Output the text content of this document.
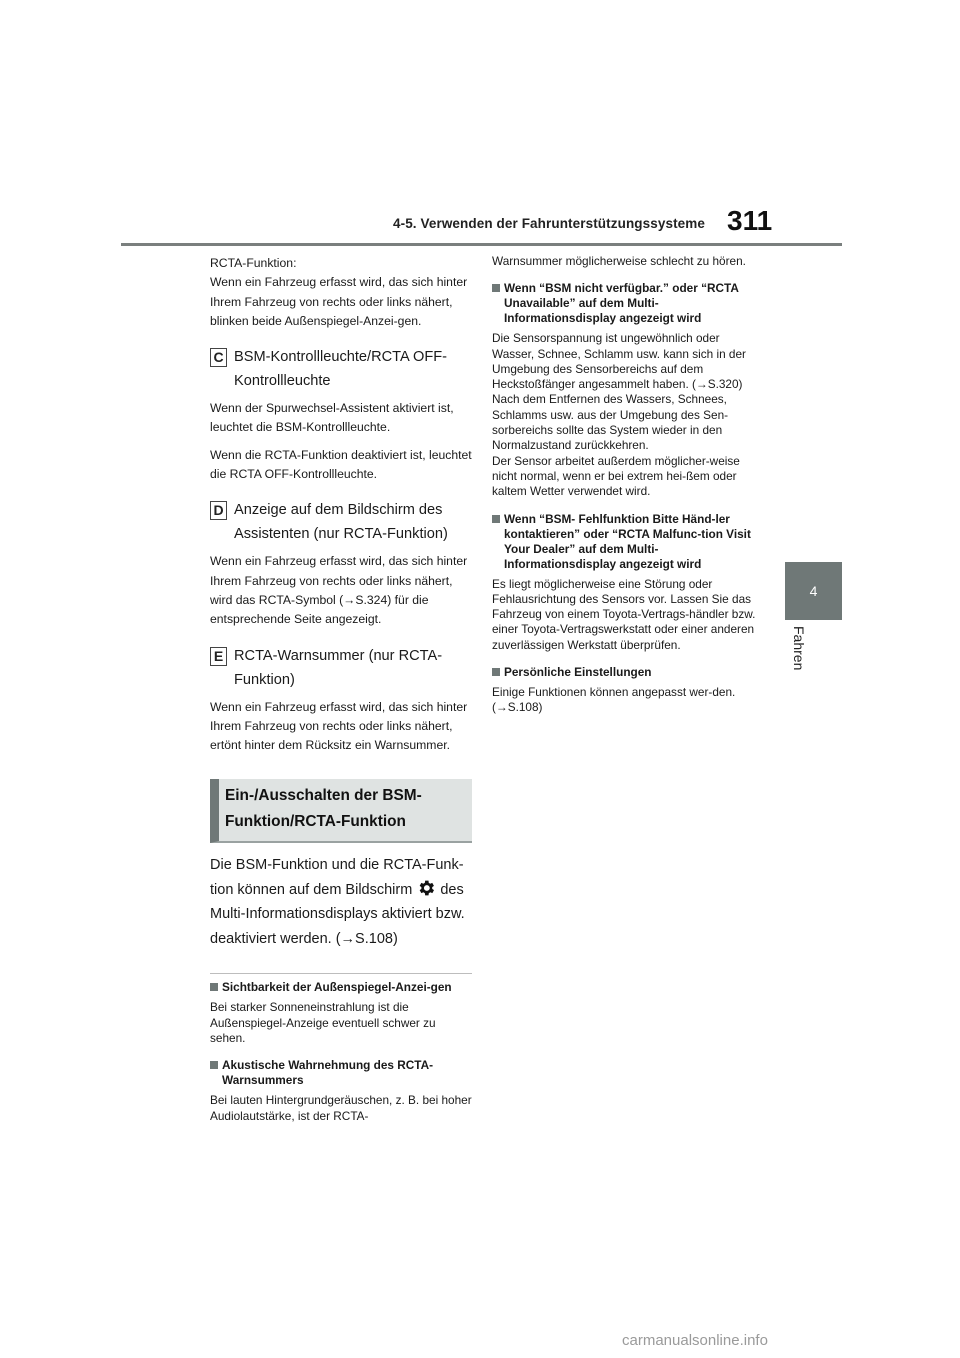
4-5. Verwenden der Fahrunterstützungssysteme 311
4
Fahren

RCTA-Funktion:

Wenn ein Fahrzeug erfasst wird, das sich hinter Ihrem Fahrzeug von rechts oder links nähert, blinken beide Außenspiegel-Anzei-gen.

C BSM-Kontrollleuchte/RCTA OFF-Kontrollleuchte

Wenn der Spurwechsel-Assistent aktiviert ist, leuchtet die BSM-Kontrollleuchte.

Wenn die RCTA-Funktion deaktiviert ist, leuchtet die RCTA OFF-Kontrollleuchte.

D Anzeige auf dem Bildschirm des Assistenten (nur RCTA-Funktion)

Wenn ein Fahrzeug erfasst wird, das sich hinter Ihrem Fahrzeug von rechts oder links nähert, wird das RCTA-Symbol (→S.324) für die entsprechende Seite angezeigt.

E RCTA-Warnsummer (nur RCTA-Funktion)

Wenn ein Fahrzeug erfasst wird, das sich hinter Ihrem Fahrzeug von rechts oder links nähert, ertönt hinter dem Rücksitz ein Warnsummer.

Ein-/Ausschalten der BSM-Funktion/RCTA-Funktion

Die BSM-Funktion und die RCTA-Funk-tion können auf dem Bildschirm  des Multi-Informationsdisplays aktiviert bzw. deaktiviert werden. (→S.108)

Sichtbarkeit der Außenspiegel-Anzei-gen

Bei starker Sonneneinstrahlung ist die Außenspiegel-Anzeige eventuell schwer zu sehen.

Akustische Wahrnehmung des RCTA-Warnsummers

Bei lauten Hintergrundgeräuschen, z. B. bei hoher Audiolautstärke, ist der RCTA-

Warnsummer möglicherweise schlecht zu hören.

Wenn “BSM nicht verfügbar.” oder “RCTA Unavailable” auf dem Multi-Informationsdisplay angezeigt wird

Die Sensorspannung ist ungewöhnlich oder Wasser, Schnee, Schlamm usw. kann sich in der Umgebung des Sensorbereichs auf dem Heckstoßfänger angesammelt haben. (→S.320)
Nach dem Entfernen des Wassers, Schnees, Schlamms usw. aus der Umgebung des Sen-sorbereichs sollte das System wieder in den Normalzustand zurückkehren.
Der Sensor arbeitet außerdem möglicher-weise nicht normal, wenn er bei extrem hei-ßem oder kaltem Wetter verwendet wird.

Wenn “BSM- Fehlfunktion Bitte Händ-ler kontaktieren” oder “RCTA Malfunc-tion Visit Your Dealer” auf dem Multi-Informationsdisplay angezeigt wird

Es liegt möglicherweise eine Störung oder Fehlausrichtung des Sensors vor. Lassen Sie das Fahrzeug von einem Toyota-Vertrags-händler bzw. einer Toyota-Vertragswerkstatt oder einer anderen zuverlässigen Werkstatt überprüfen.

Persönliche Einstellungen

Einige Funktionen können angepasst wer-den. (→S.108)

carmanualsonline.info
